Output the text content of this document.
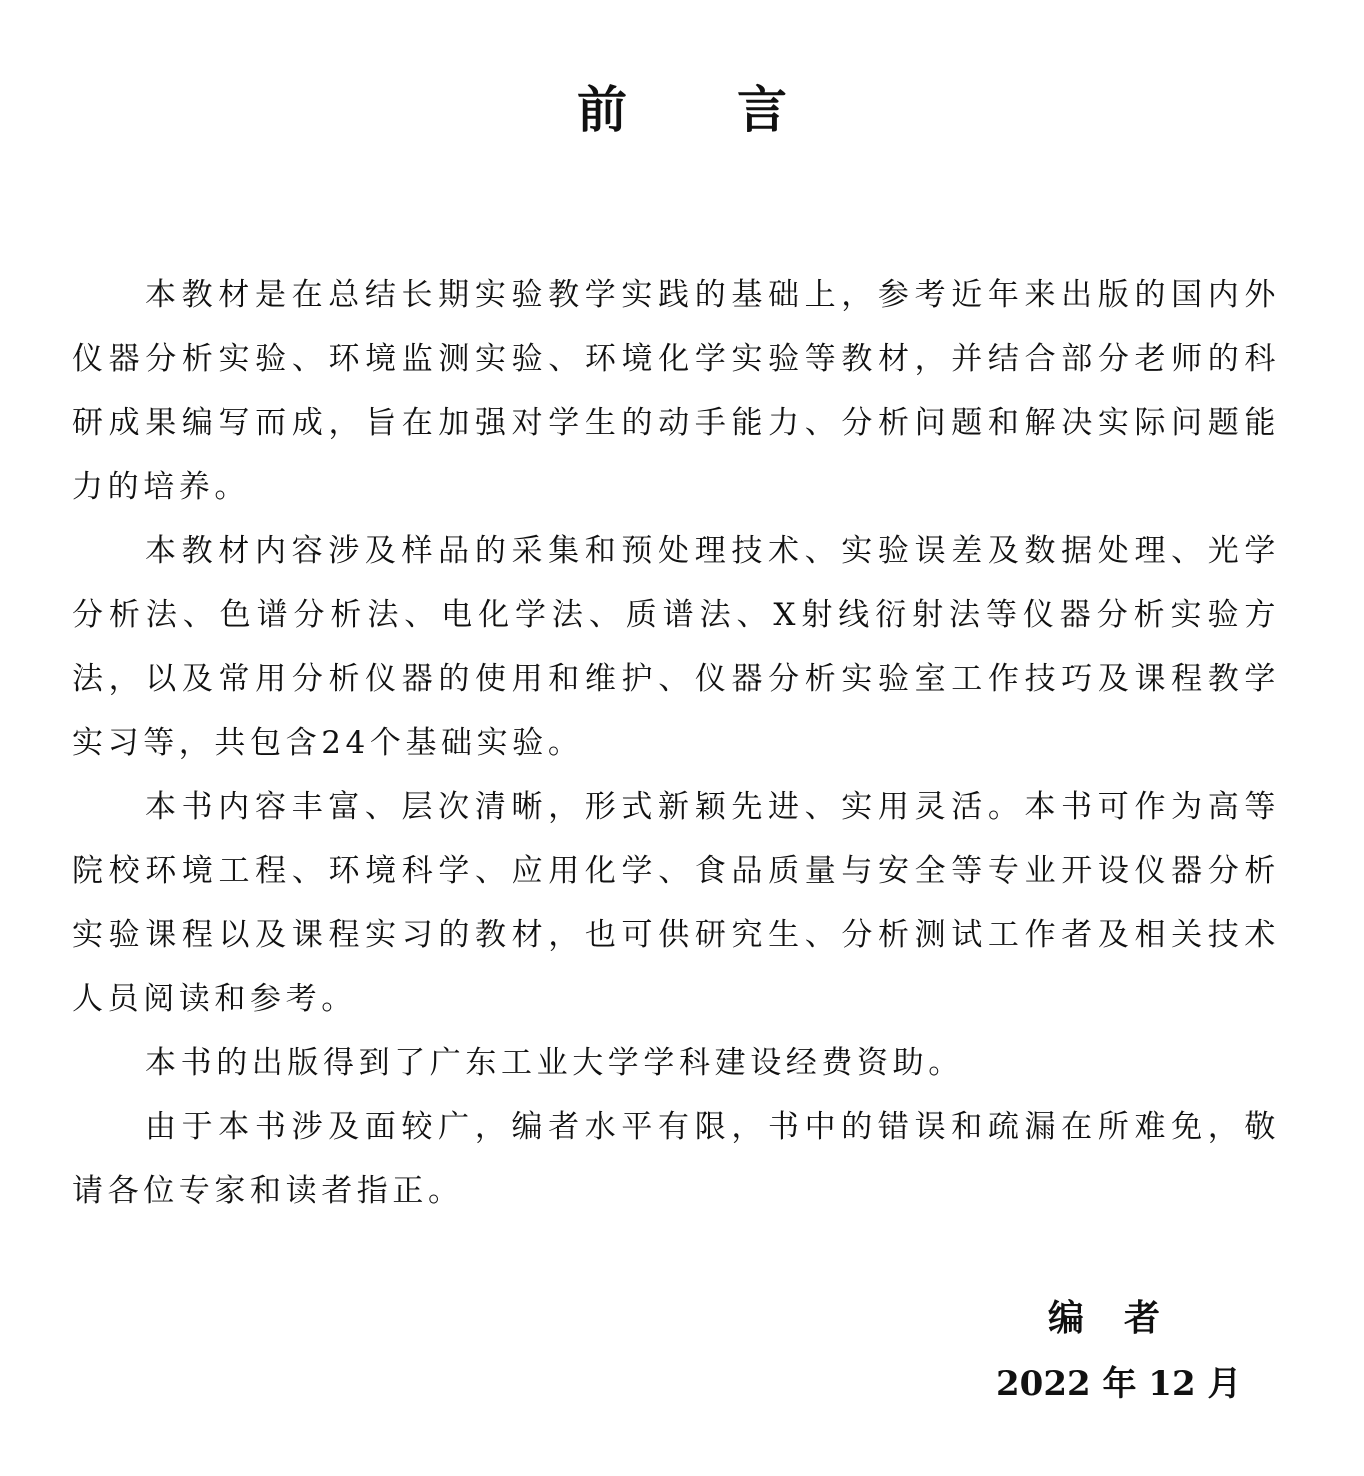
前 言

本教材是在总结长期实验教学实践的基础上，参考近年来出版的国内外仪器分析实验、环境监测实验、环境化学实验等教材，并结合部分老师的科研成果编写而成，旨在加强对学生的动手能力、分析问题和解决实际问题能力的培养。

本教材内容涉及样品的采集和预处理技术、实验误差及数据处理、光学分析法、色谱分析法、电化学法、质谱法、X射线衍射法等仪器分析实验方法，以及常用分析仪器的使用和维护、仪器分析实验室工作技巧及课程教学实习等，共包含24个基础实验。

本书内容丰富、层次清晰，形式新颖先进、实用灵活。本书可作为高等院校环境工程、环境科学、应用化学、食品质量与安全等专业开设仪器分析实验课程以及课程实习的教材，也可供研究生、分析测试工作者及相关技术人员阅读和参考。

本书的出版得到了广东工业大学学科建设经费资助。

由于本书涉及面较广，编者水平有限，书中的错误和疏漏在所难免，敬请各位专家和读者指正。

编 者
2022 年 12 月
